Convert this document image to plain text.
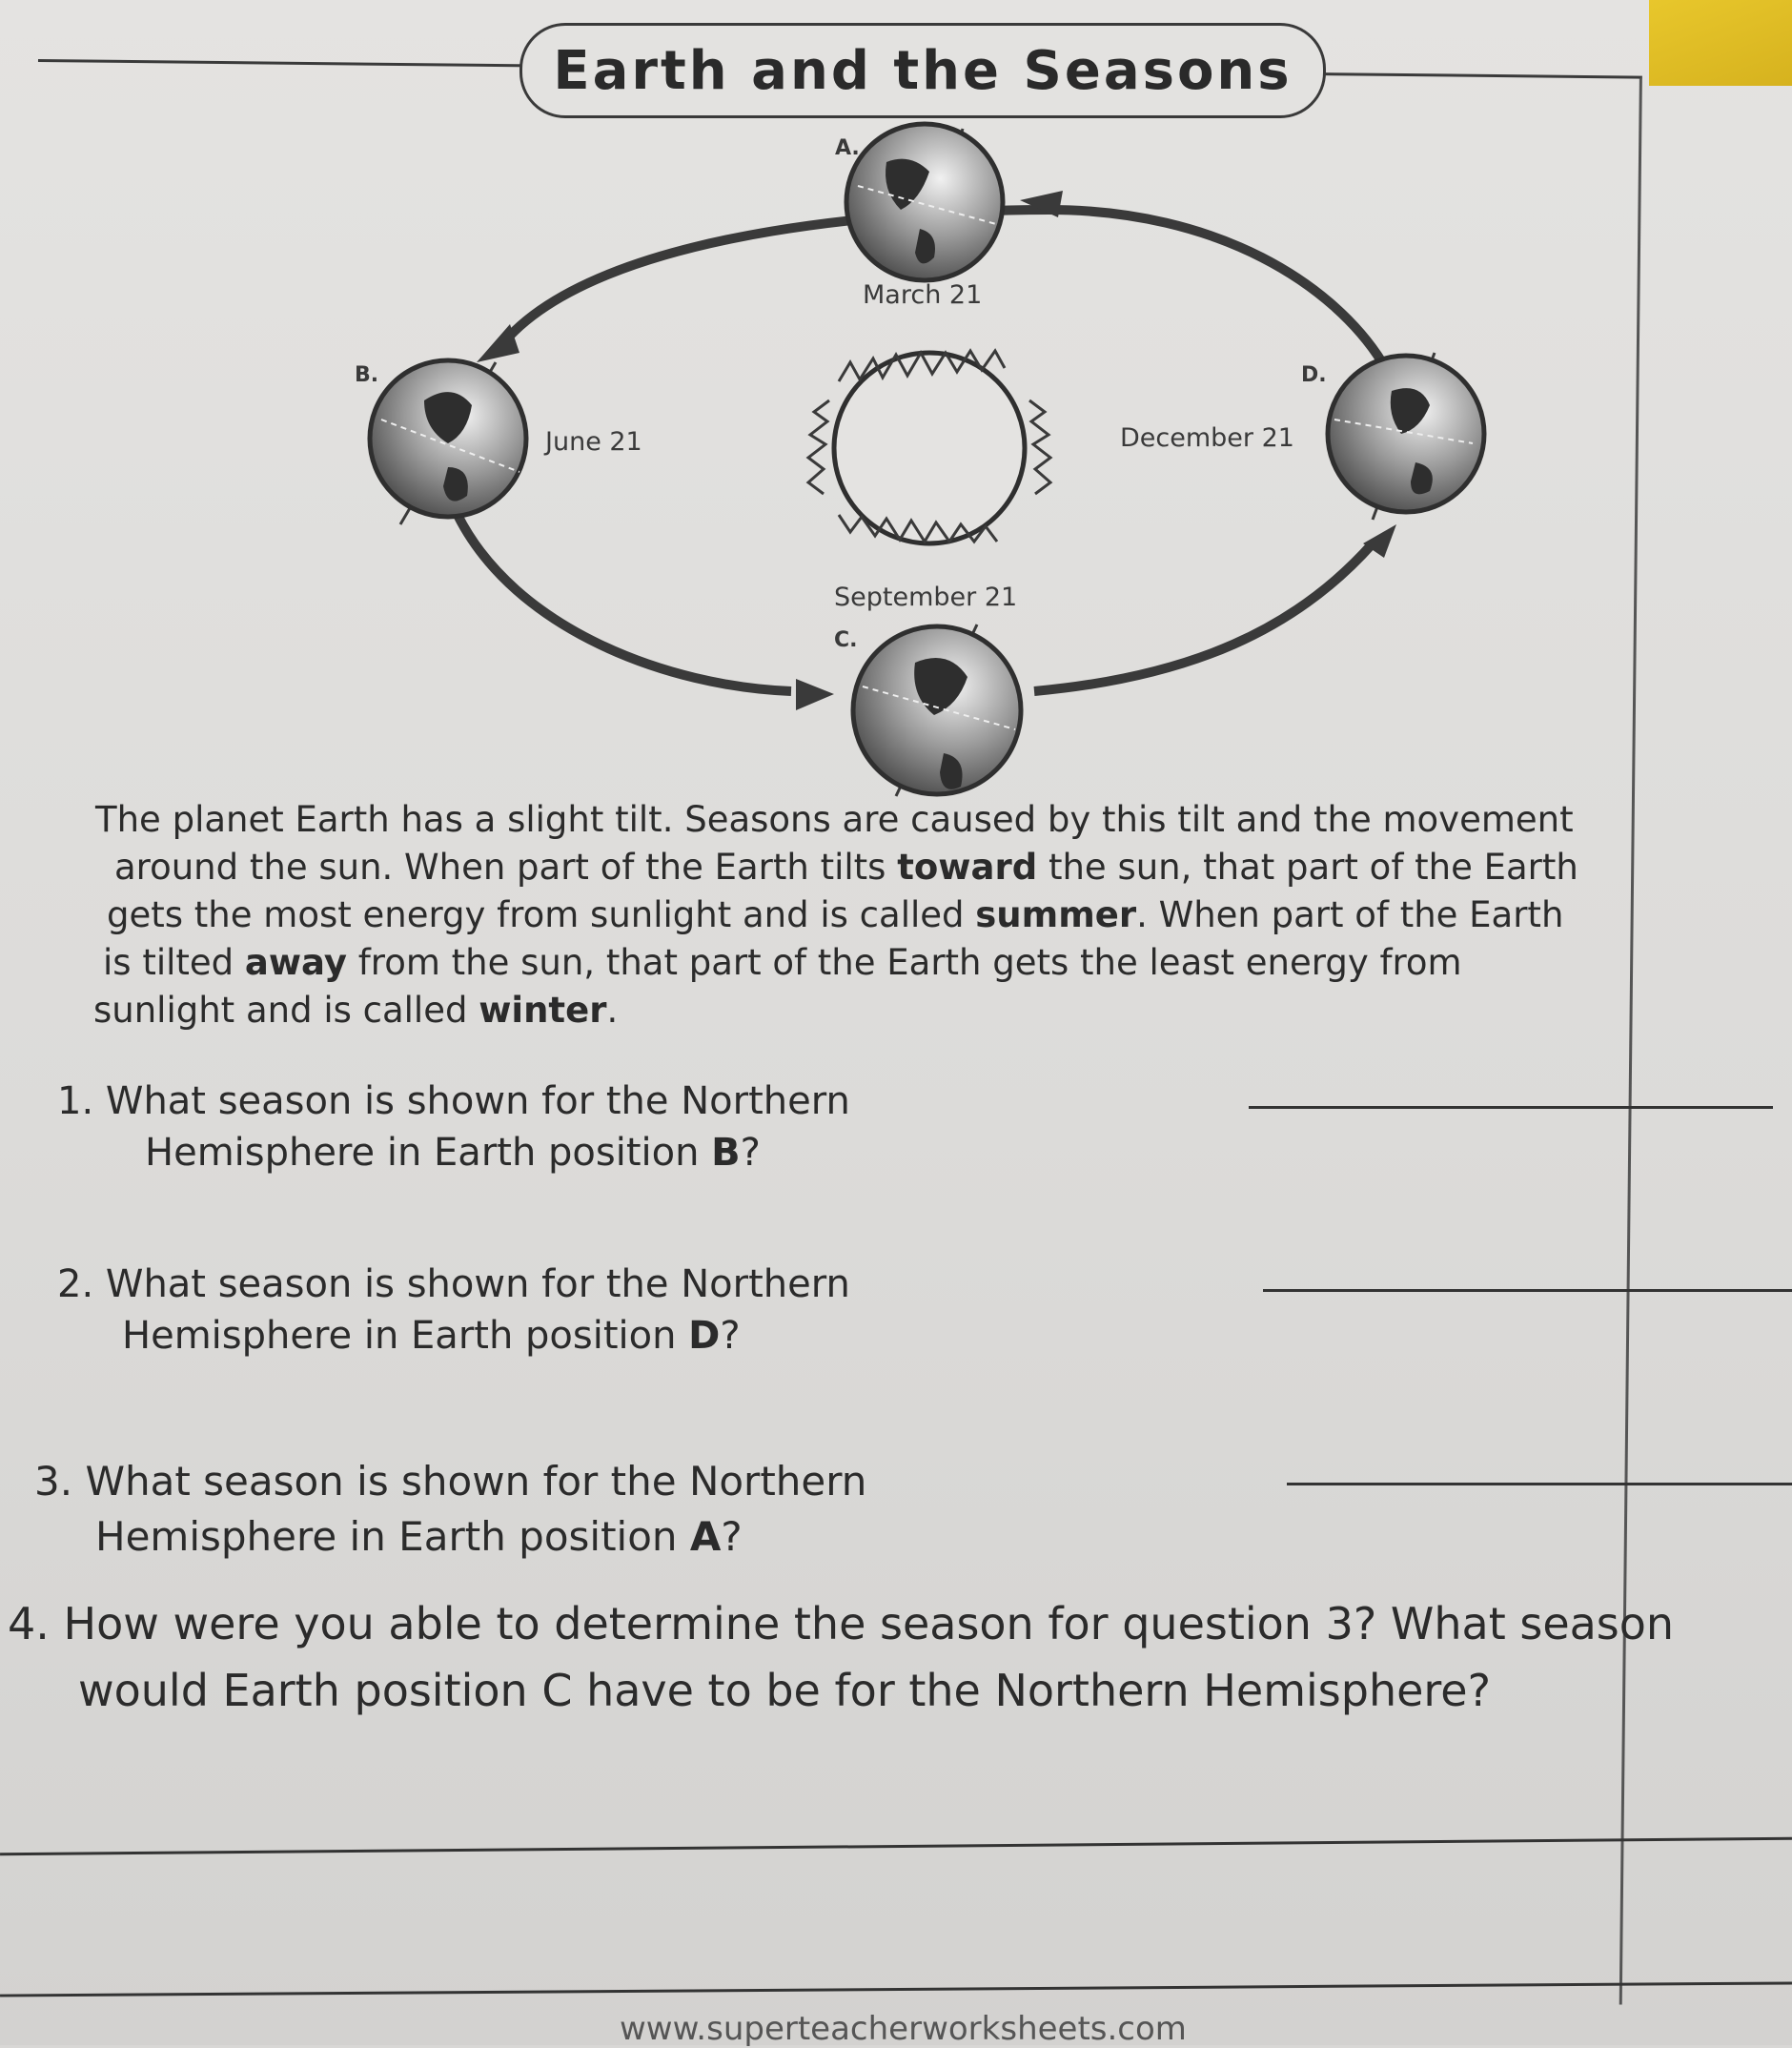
Earth and the Seasons
A.
March 21
B.
June 21
D.
December 21
September 21
C.

The planet Earth has a slight tilt. Seasons are caused by this tilt and the movement

around the sun. When part of the Earth tilts toward the sun, that part of the Earth

gets the most energy from sunlight and is called summer. When part of the Earth

is tilted away from the sun, that part of the Earth gets the least energy from

sunlight and is called winter.

1. What season is shown for the Northern

Hemisphere in Earth position B?

2. What season is shown for the Northern

Hemisphere in Earth position D?

3. What season is shown for the Northern

Hemisphere in Earth position A?

4. How were you able to determine the season for question 3? What season

would Earth position C have to be for the Northern Hemisphere?

www.superteacherworksheets.com
